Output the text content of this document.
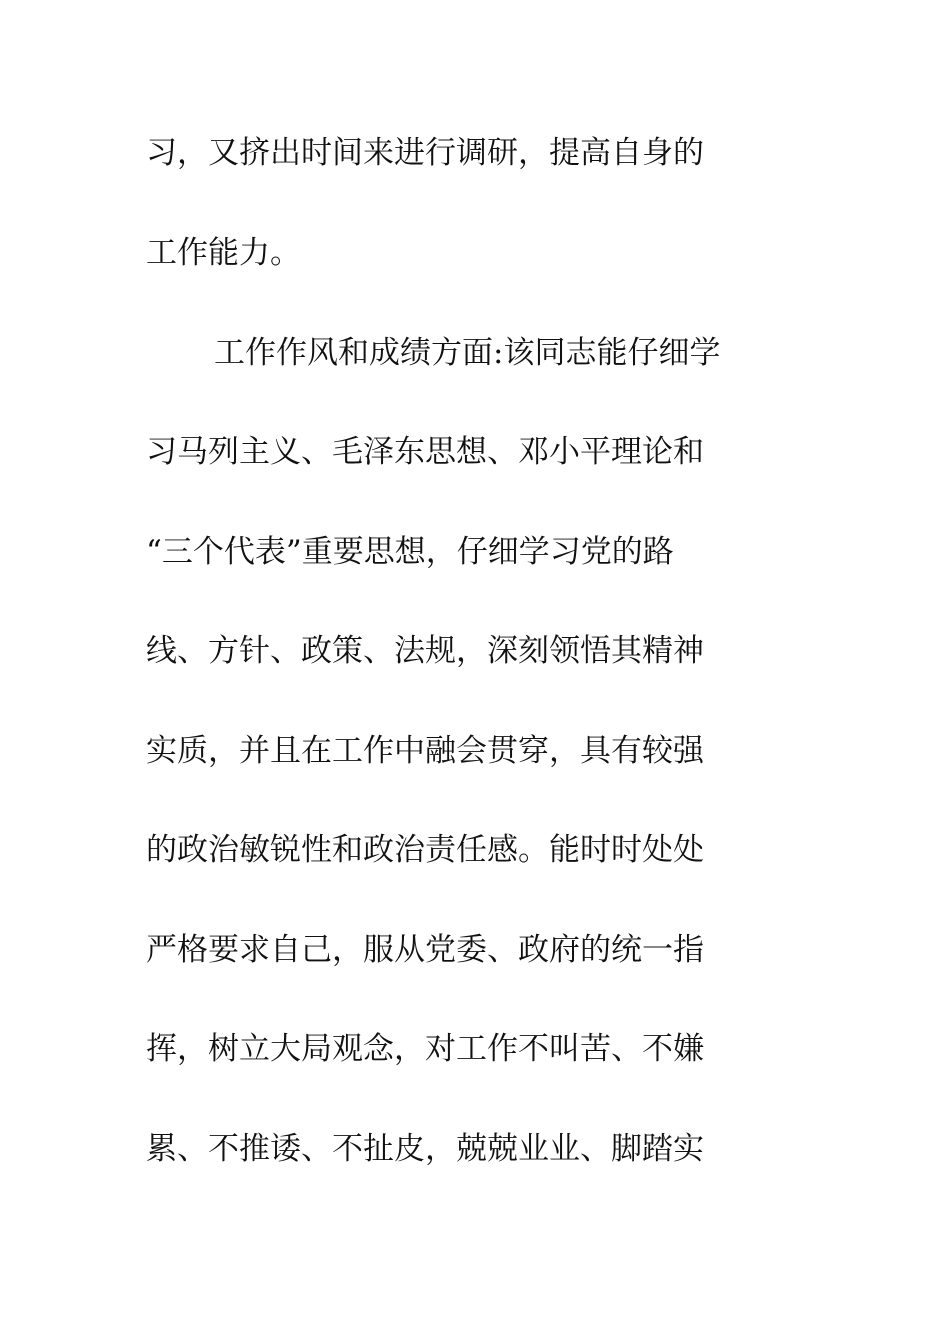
习，又挤出时间来进行调研，提高自身的
工作能力。
工作作风和成绩方面:该同志能仔细学
习马列主义、毛泽东思想、邓小平理论和
“三个代表”重要思想，仔细学习党的路
线、方针、政策、法规，深刻领悟其精神
实质，并且在工作中融会贯穿，具有较强
的政治敏锐性和政治责任感。能时时处处
严格要求自己，服从党委、政府的统一指
挥，树立大局观念，对工作不叫苦、不嫌
累、不推诿、不扯皮，兢兢业业、脚踏实
